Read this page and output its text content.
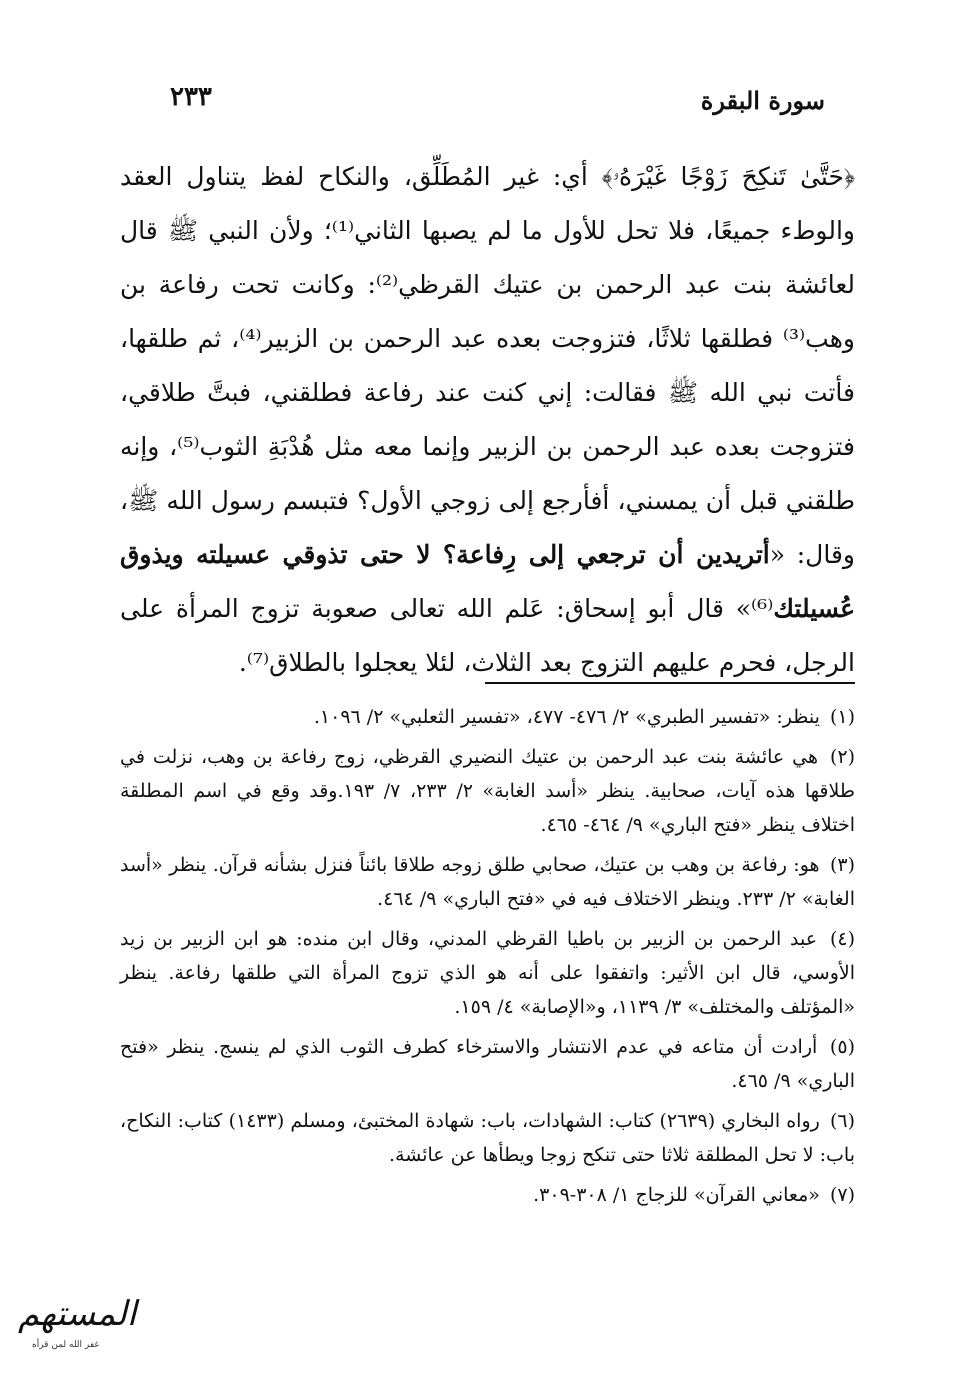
٢٣٣	سورة البقرة

﴿حَتَّىٰ تَنكِحَ زَوْجًا غَيْرَهُۥ﴾ أي: غير المُطَلِّق، والنكاح لفظ يتناول العقد والوطء جميعًا، فلا تحل للأول ما لم يصبها الثاني⁽¹⁾؛ ولأن النبي ﷺ قال لعائشة بنت عبد الرحمن بن عتيك القرظي⁽²⁾: وكانت تحت رفاعة بن وهب⁽³⁾ فطلقها ثلاثًا، فتزوجت بعده عبد الرحمن بن الزبير⁽⁴⁾، ثم طلقها، فأتت نبي الله ﷺ فقالت: إني كنت عند رفاعة فطلقني، فبتَّ طلاقي، فتزوجت بعده عبد الرحمن بن الزبير وإنما معه مثل هُدْبَةِ الثوب⁽⁵⁾، وإنه طلقني قبل أن يمسني، أفأرجع إلى زوجي الأول؟ فتبسم رسول الله ﷺ، وقال: «أتريدين أن ترجعي إلى رِفاعة؟ لا حتى تذوقي عسيلته ويذوق عُسيلتك⁽⁶⁾» قال أبو إسحاق: عَلم الله تعالى صعوبة تزوج المرأة على الرجل، فحرم عليهم التزوج بعد الثلاث، لئلا يعجلوا بالطلاق⁽⁷⁾.

(١) ينظر: «تفسير الطبري» ٢/ ٤٧٦- ٤٧٧، «تفسير الثعلبي» ٢/ ١٠٩٦.

(٢) هي عائشة بنت عبد الرحمن بن عتيك النضيري القرظي، زوج رفاعة بن وهب، نزلت في طلاقها هذه آيات، صحابية. ينظر «أسد الغابة» ٢/ ٢٣٣، ٧/ ١٩٣.وقد وقع في اسم المطلقة اختلاف ينظر «فتح الباري» ٩/ ٤٦٤- ٤٦٥.

(٣) هو: رفاعة بن وهب بن عتيك، صحابي طلق زوجه طلاقا بائناً فنزل بشأنه قرآن. ينظر «أسد الغابة» ٢/ ٢٣٣. وينظر الاختلاف فيه في «فتح الباري» ٩/ ٤٦٤.

(٤) عبد الرحمن بن الزبير بن باطيا القرظي المدني، وقال ابن منده: هو ابن الزبير بن زيد الأوسي، قال ابن الأثير: واتفقوا على أنه هو الذي تزوج المرأة التي طلقها رفاعة. ينظر «المؤتلف والمختلف» ٣/ ١١٣٩، و«الإصابة» ٤/ ١٥٩.

(٥) أرادت أن متاعه في عدم الانتشار والاسترخاء كطرف الثوب الذي لم ينسج. ينظر «فتح الباري» ٩/ ٤٦٥.

(٦) رواه البخاري (٢٦٣٩) كتاب: الشهادات، باب: شهادة المختبئ، ومسلم (١٤٣٣) كتاب: النكاح، باب: لا تحل المطلقة ثلاثا حتى تنكح زوجا ويطأها عن عائشة.

(٧) «معاني القرآن» للزجاج ١/ ٣٠٨-٣٠٩.

المستهم
غفر الله لمن قرأه
